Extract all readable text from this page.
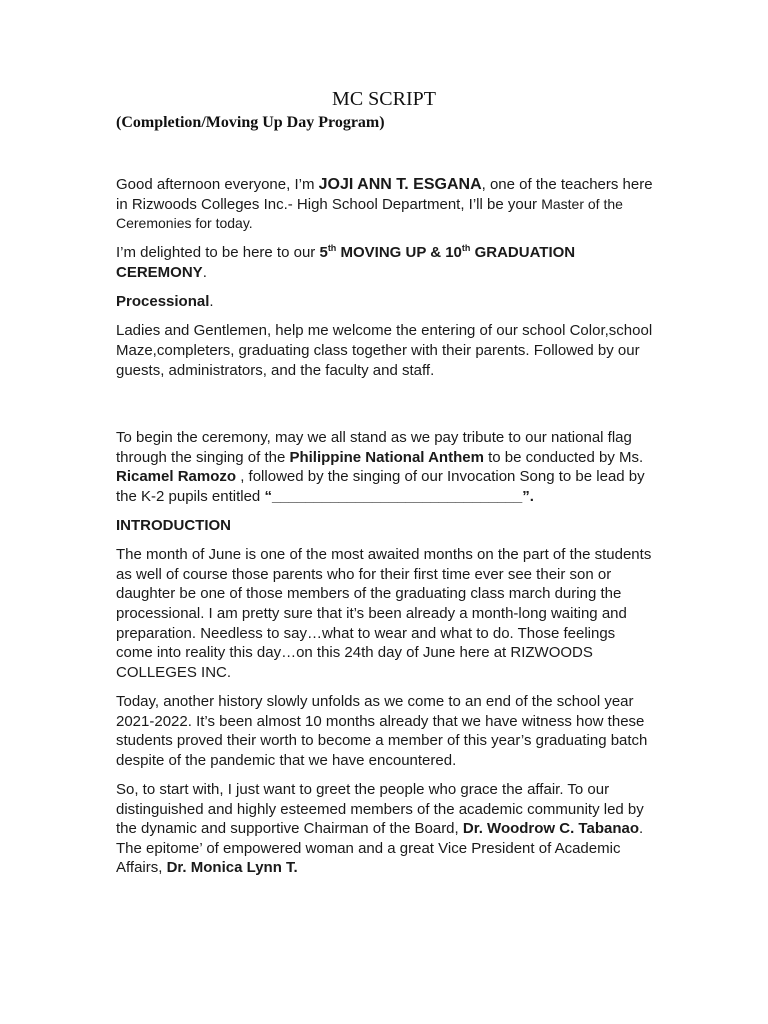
MC SCRIPT
(Completion/Moving Up Day Program)

Good afternoon everyone, I’m JOJI ANN T. ESGANA, one of the teachers here in Rizwoods Colleges Inc.- High School Department, I’ll be your Master of the Ceremonies for today.

I’m delighted to be here to our 5th MOVING UP & 10th GRADUATION CEREMONY.

Processional.

Ladies and Gentlemen, help me welcome the entering of our school Color,school Maze,completers, graduating class together with their parents. Followed by our guests, administrators, and the faculty and staff.

To begin the ceremony, may we all stand as we pay tribute to our national flag through the singing of the Philippine National Anthem to be conducted by Ms. Ricamel Ramozo , followed by the singing of our Invocation Song to be lead by the K-2 pupils entitled “______________________________”.

INTRODUCTION

The month of June is one of the most awaited months on the part of the students as well of course those parents who for their first time ever see their son or daughter be one of those members of the graduating class march during the processional. I am pretty sure that it’s been already a month-long waiting and preparation. Needless to say…what to wear and what to do. Those feelings come into reality this day…on this 24th day of June here at RIZWOODS COLLEGES INC.

Today, another history slowly unfolds as we come to an end of the school year 2021-2022. It’s been almost 10 months already that we have witness how these students proved their worth to become a member of this year’s graduating batch despite of the pandemic that we have encountered.

So, to start with, I just want to greet the people who grace the affair. To our distinguished and highly esteemed members of the academic community led by the dynamic and supportive Chairman of the Board, Dr. Woodrow C. Tabanao. The epitome’ of empowered woman and a great Vice President of Academic Affairs, Dr. Monica Lynn T.
